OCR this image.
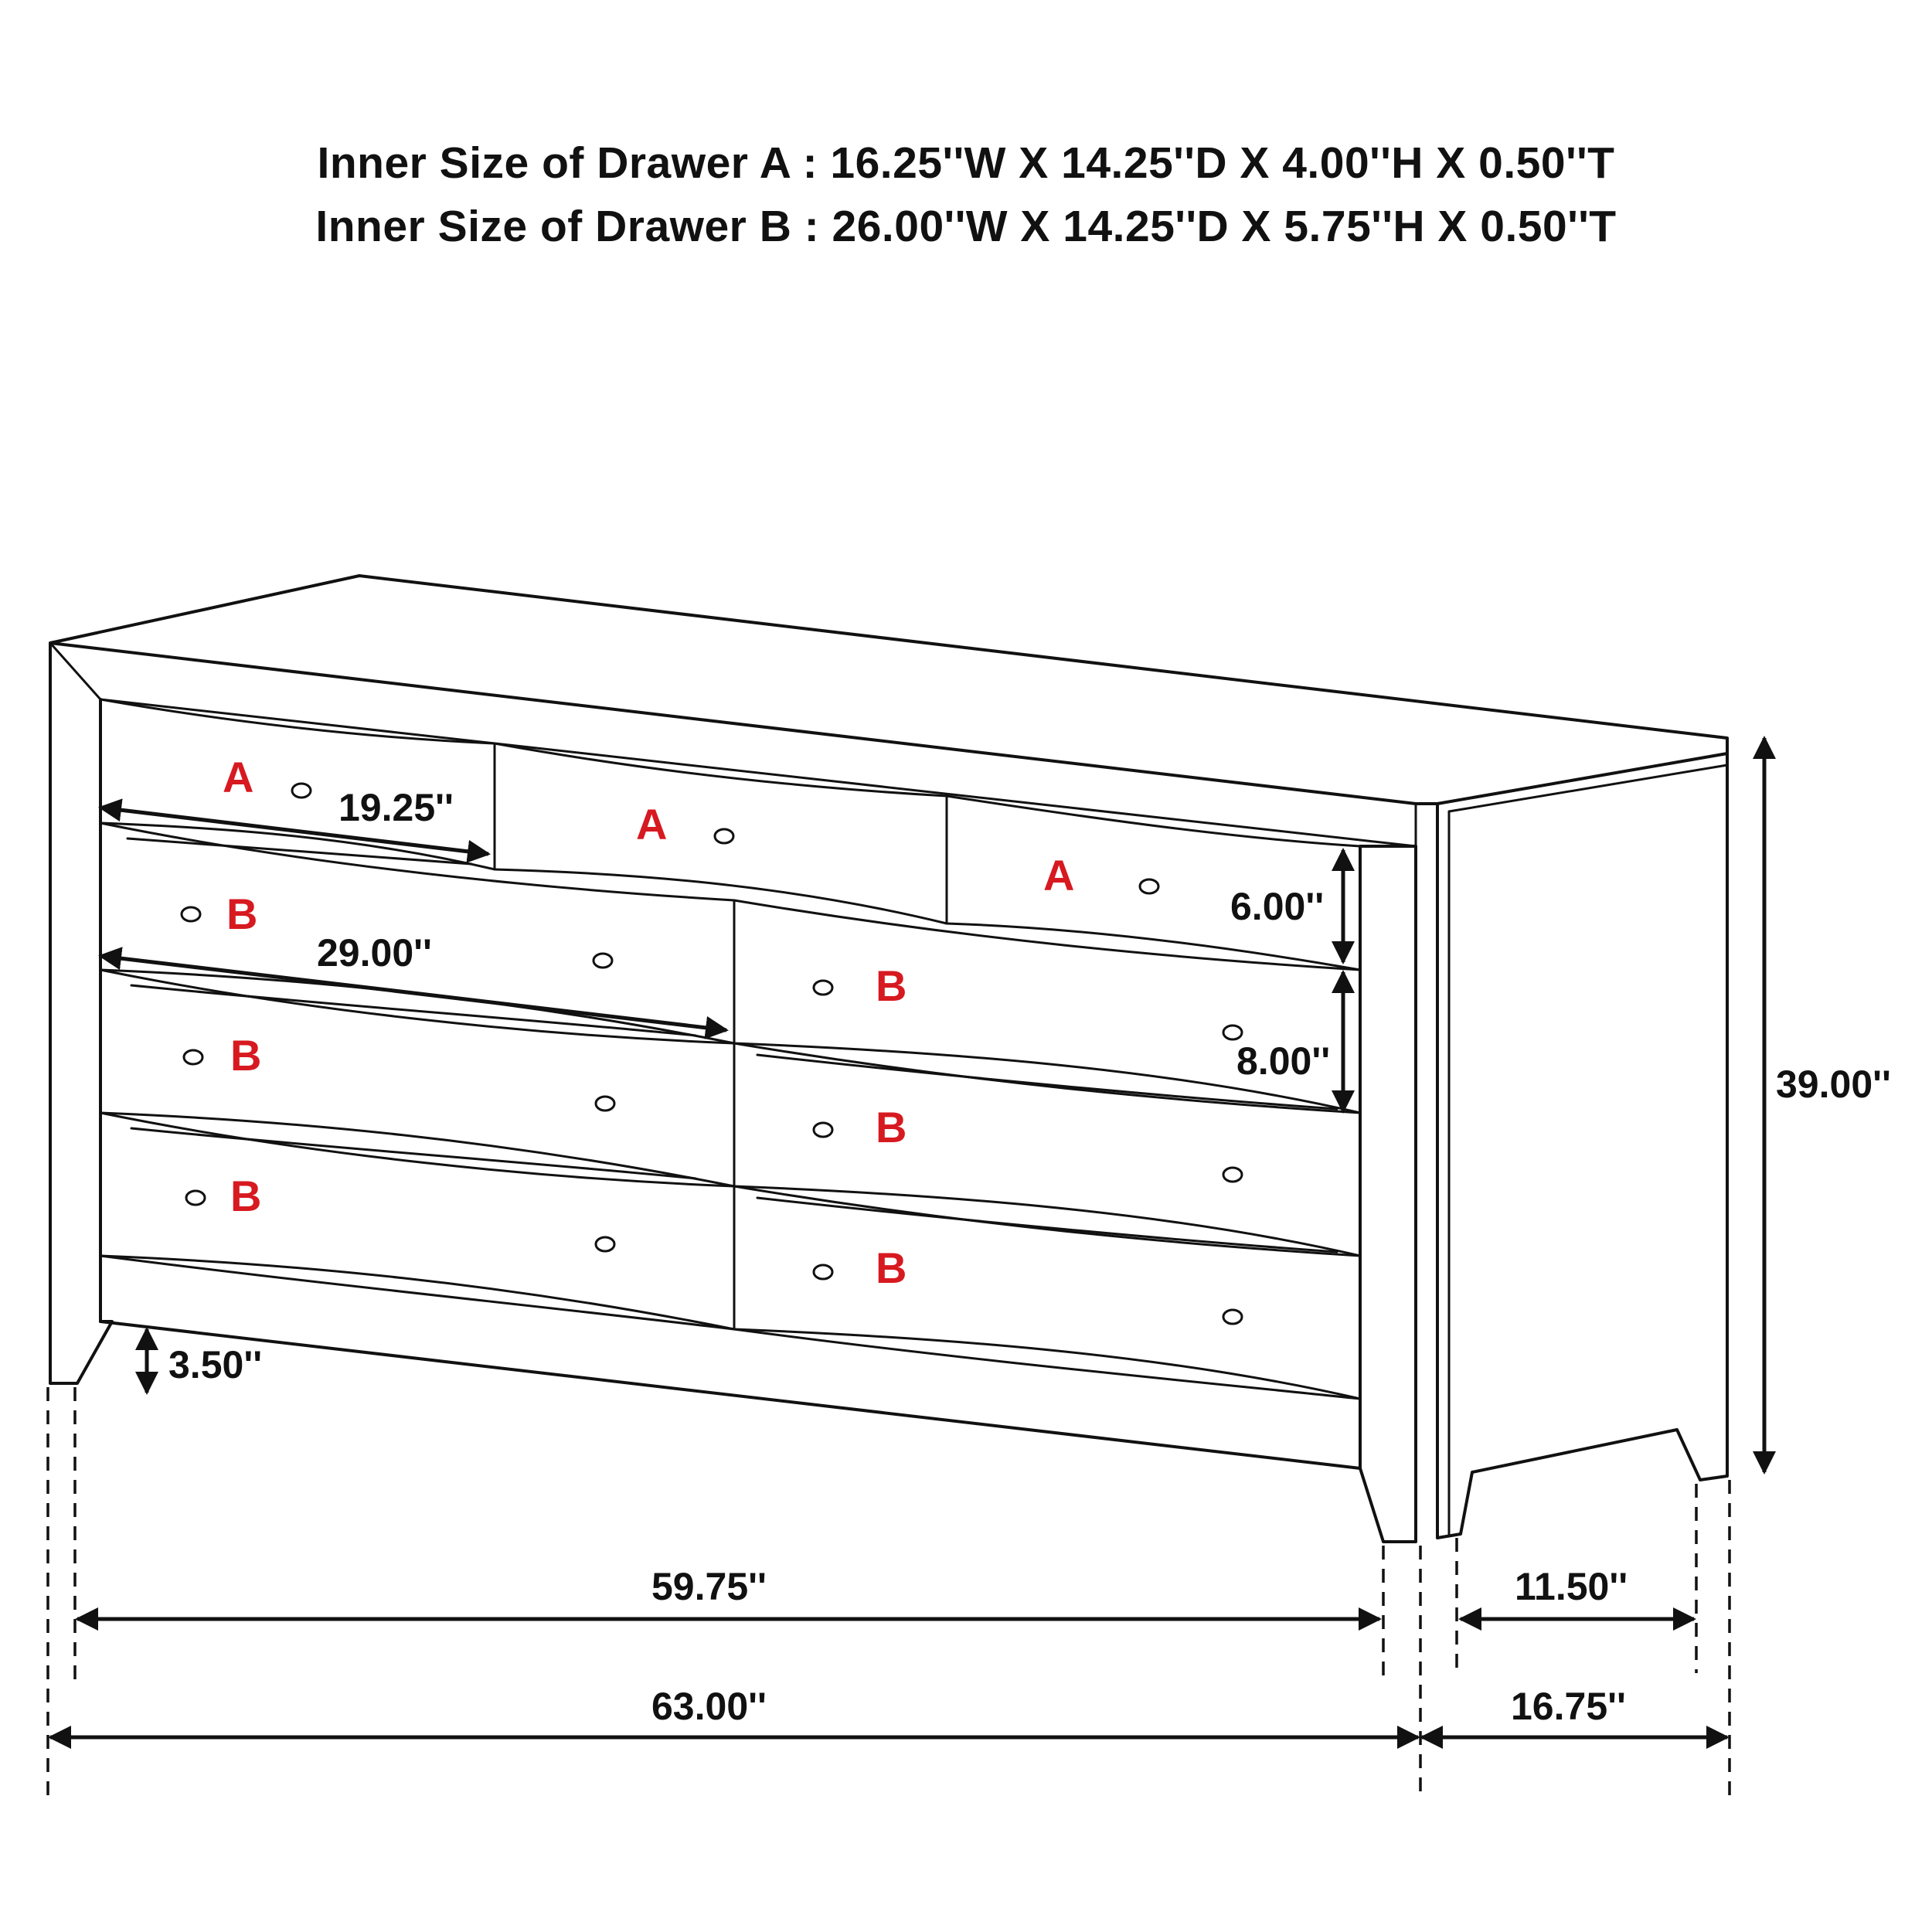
Inner Size of Drawer A : 16.25''W X 14.25''D X 4.00''H X 0.50''T
Inner Size of Drawer B : 26.00''W X 14.25''D X 5.75''H X 0.50''T
A
A
A
B
B
B
B
B
B
19.25''
29.00''
6.00''
8.00''
3.50''
39.00''
59.75''
63.00''
11.50''
16.75''
